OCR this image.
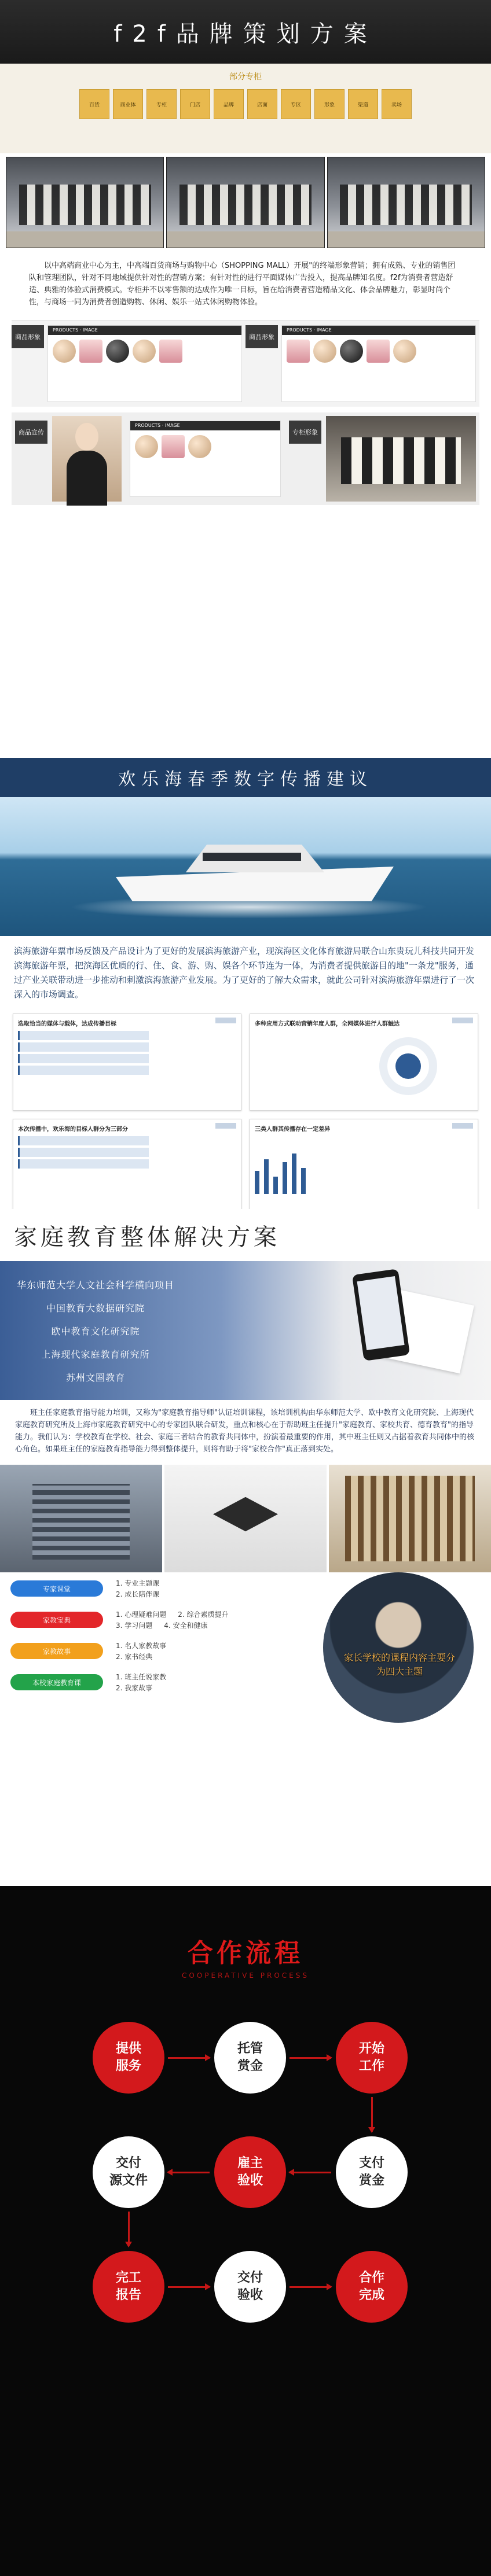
f2f品牌策划方案
部分专柜
百货	商业体	专柜	门店	品牌	店面	专区	形象	渠道	卖场

以中高端商业中心为主，中高端百货商场与购物中心（SHOPPING MALL）开展"的终端形象营销；拥有成熟、专业的销售团队和管理团队，针对不同地域提供针对性的营销方案；有针对性的进行平面媒体广告投入，提高品牌知名度。f2f为消费者营造舒适、典雅的体验式消费模式。专柜并不以零售额的达成作为唯一目标，旨在给消费者营造精品文化、体会品牌魅力，彰显时尚个性，与商场一同为消费者创造购物、休闲、娱乐一站式休闲购物体验。

商品形象
PRODUCTS · IMAGE
商品形象
PRODUCTS · IMAGE
商品宣传
PRODUCTS · IMAGE
专柜形象
欢乐海春季数字传播建议

滨海旅游年票市场反馈及产品设计为了更好的发展滨海旅游产业，现滨海区文化体育旅游局联合山东贵玩儿科技共同开发滨海旅游年票，把滨海区优质的行、住、食、游、购、娱各个环节连为一体，为消费者提供旅游目的地"一条龙"服务，通过产业关联带动进一步推动和刺激滨海旅游产业发展。为了更好的了解大众需求，就此公司针对滨海旅游年票进行了一次深入的市场调查。

选取恰当的媒体与载体，达成传播目标	多种应用方式联动营销年度人群，全网媒体进行人群触达
本次传播中，欢乐海的目标人群分为三部分	三类人群其传播存在一定差异

家庭教育整体解决方案
华东师范大学人文社会科学横向项目
中国教育大数据研究院
欧中教育文化研究院
上海现代家庭教育研究所
苏州文圈教育

班主任家庭教育指导能力培训，又称为"家庭教育指导师"认证培训课程，该培训机构由华东师范大学、欧中教育文化研究院、上海现代家庭教育研究所及上海市家庭教育研究中心的专家团队联合研发，重点和核心在于帮助班主任提升"家庭教育、家校共育、德育教育"的指导能力。我们认为：学校教育在学校、社会、家庭三者结合的教育共同体中，扮演着最重要的作用，其中班主任则又占据着教育共同体中的核心角色。如果班主任的家庭教育指导能力得到整体提升，则将有助于将"家校合作"真正落到实处。

专家课堂
1. 专业主题课
2. 成长陪伴课
家教宝典
1. 心理疑难问题 2. 综合素质提升
3. 学习问题 4. 安全和健康
家教故事
1. 名人家教故事
2. 家书经典
本校家庭教育课
1. 班主任说家教
2. 我家故事
家长学校的课程内容主要分为四大主题
合作流程
COOPERATIVE PROCESS
提供
服务
托管
赏金
开始
工作
交付
源文件
雇主
验收
支付
赏金
完工
报告
交付
验收
合作
完成
